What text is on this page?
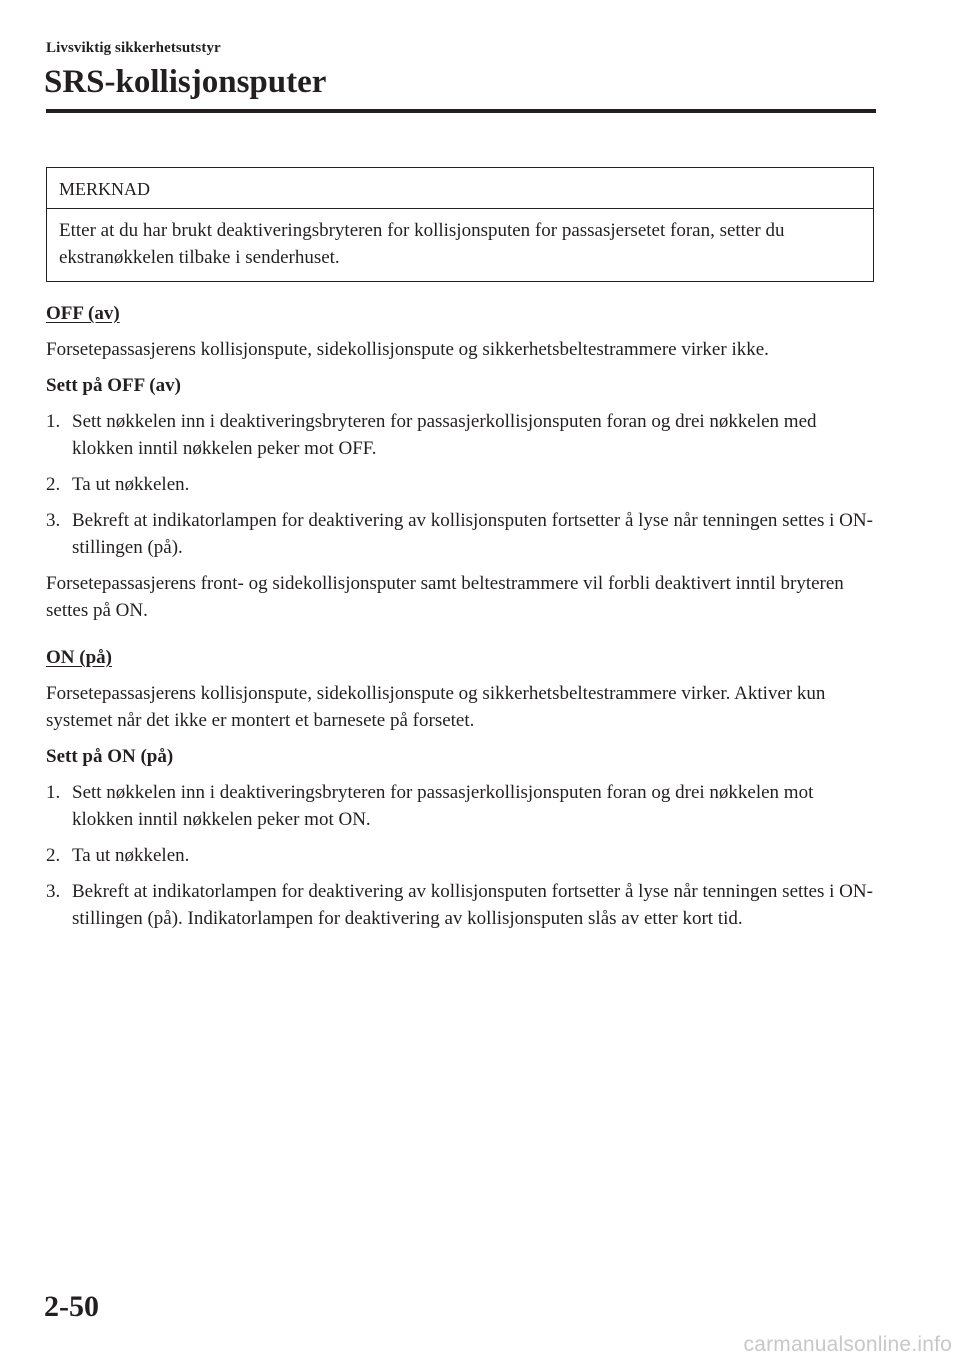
Livsviktig sikkerhetsutstyr
SRS-kollisjonsputer
MERKNAD
Etter at du har brukt deaktiveringsbryteren for kollisjonsputen for passasjersetet foran, setter du ekstranøkkelen tilbake i senderhuset.
OFF (av)

Forsetepassasjerens kollisjonspute, sidekollisjonspute og sikkerhetsbeltestrammere virker ikke.

Sett på OFF (av)
1. Sett nøkkelen inn i deaktiveringsbryteren for passasjerkollisjonsputen foran og drei nøkkelen med klokken inntil nøkkelen peker mot OFF.
2. Ta ut nøkkelen.
3. Bekreft at indikatorlampen for deaktivering av kollisjonsputen fortsetter å lyse når tenningen settes i ON-stillingen (på).

Forsetepassasjerens front- og sidekollisjonsputer samt beltestrammere vil forbli deaktivert inntil bryteren settes på ON.

ON (på)

Forsetepassasjerens kollisjonspute, sidekollisjonspute og sikkerhetsbeltestrammere virker. Aktiver kun systemet når det ikke er montert et barnesete på forsetet.

Sett på ON (på)
1. Sett nøkkelen inn i deaktiveringsbryteren for passasjerkollisjonsputen foran og drei nøkkelen mot klokken inntil nøkkelen peker mot ON.
2. Ta ut nøkkelen.
3. Bekreft at indikatorlampen for deaktivering av kollisjonsputen fortsetter å lyse når tenningen settes i ON-stillingen (på). Indikatorlampen for deaktivering av kollisjonsputen slås av etter kort tid.
2-50
carmanualsonline.info
